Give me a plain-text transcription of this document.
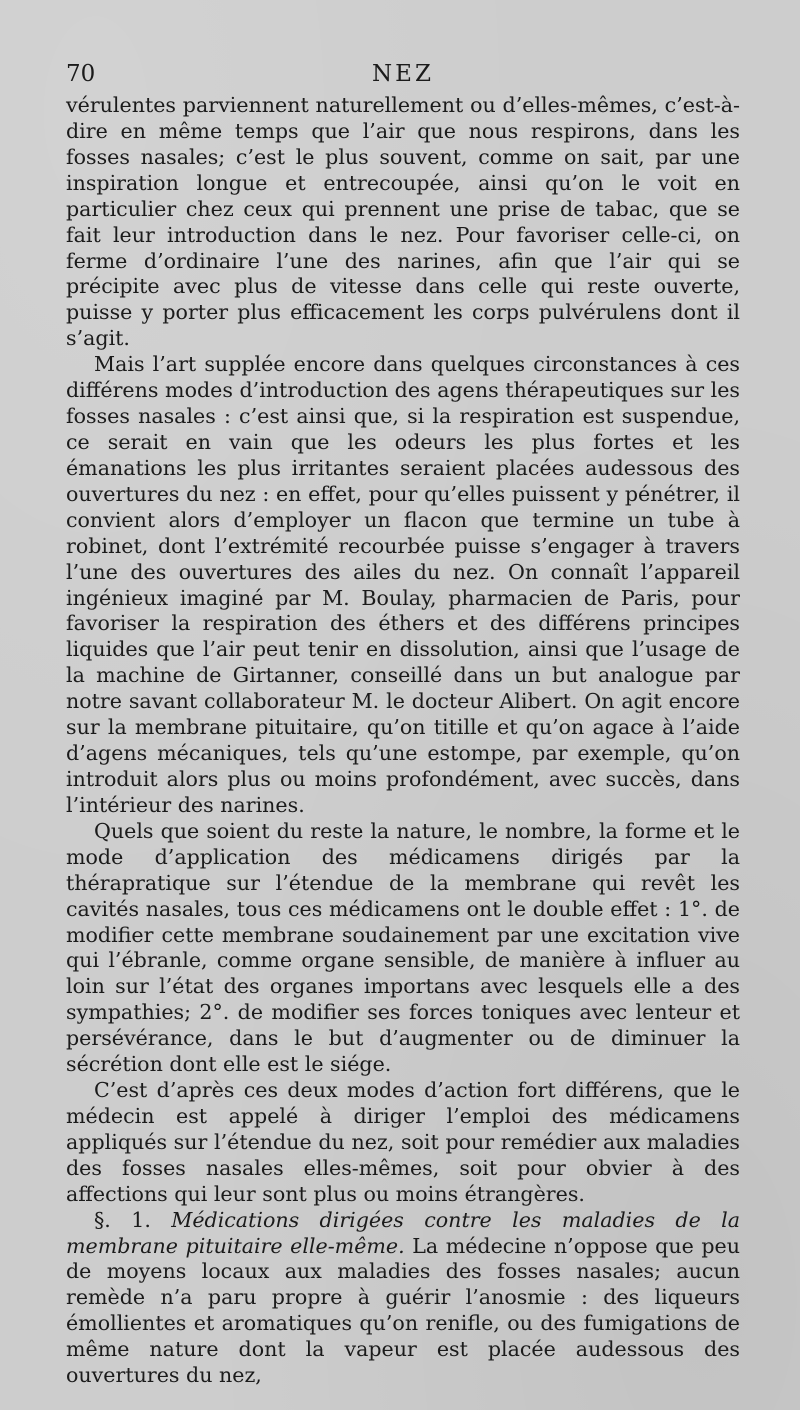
70	NEZ

vérulentes parviennent naturellement ou d’elles-mêmes, c’est-à-dire en même temps que l’air que nous respirons, dans les fosses nasales; c’est le plus souvent, comme on sait, par une inspiration longue et entrecoupée, ainsi qu’on le voit en particulier chez ceux qui prennent une prise de tabac, que se fait leur introduction dans le nez. Pour favoriser celle-ci, on ferme d’ordinaire l’une des narines, afin que l’air qui se précipite avec plus de vitesse dans celle qui reste ouverte, puisse y porter plus efficacement les corps pulvérulens dont il s’agit.

Mais l’art supplée encore dans quelques circonstances à ces différens modes d’introduction des agens thérapeutiques sur les fosses nasales : c’est ainsi que, si la respiration est suspendue, ce serait en vain que les odeurs les plus fortes et les émanations les plus irritantes seraient placées audessous des ouvertures du nez : en effet, pour qu’elles puissent y pénétrer, il convient alors d’employer un flacon que termine un tube à robinet, dont l’extrémité recourbée puisse s’engager à travers l’une des ouvertures des ailes du nez. On connaît l’appareil ingénieux imaginé par M. Boulay, pharmacien de Paris, pour favoriser la respiration des éthers et des différens principes liquides que l’air peut tenir en dissolution, ainsi que l’usage de la machine de Girtanner, conseillé dans un but analogue par notre savant collaborateur M. le docteur Alibert. On agit encore sur la membrane pituitaire, qu’on titille et qu’on agace à l’aide d’agens mécaniques, tels qu’une estompe, par exemple, qu’on introduit alors plus ou moins profondément, avec succès, dans l’intérieur des narines.

Quels que soient du reste la nature, le nombre, la forme et le mode d’application des médicamens dirigés par la thérapratique sur l’étendue de la membrane qui revêt les cavités nasales, tous ces médicamens ont le double effet : 1°. de modifier cette membrane soudainement par une excitation vive qui l’ébranle, comme organe sensible, de manière à influer au loin sur l’état des organes importans avec lesquels elle a des sympathies; 2°. de modifier ses forces toniques avec lenteur et persévérance, dans le but d’augmenter ou de diminuer la sécrétion dont elle est le siége.

C’est d’après ces deux modes d’action fort différens, que le médecin est appelé à diriger l’emploi des médicamens appliqués sur l’étendue du nez, soit pour remédier aux maladies des fosses nasales elles-mêmes, soit pour obvier à des affections qui leur sont plus ou moins étrangères.

§. 1. Médications dirigées contre les maladies de la membrane pituitaire elle-même. La médecine n’oppose que peu de moyens locaux aux maladies des fosses nasales; aucun remède n’a paru propre à guérir l’anosmie : des liqueurs émollientes et aromatiques qu’on renifle, ou des fumigations de même nature dont la vapeur est placée audessous des ouvertures du nez,
